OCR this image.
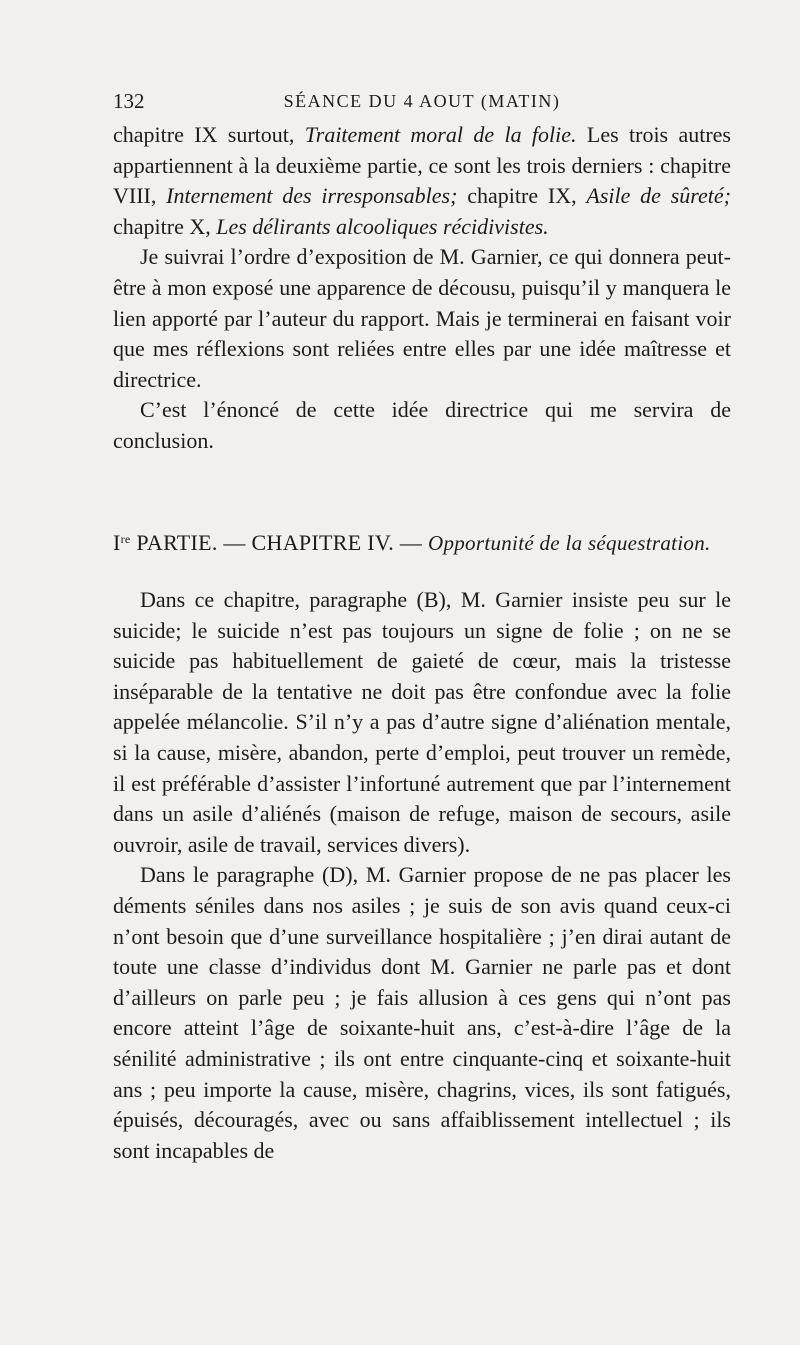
132	SÉANCE DU 4 AOUT (MATIN)

chapitre IX surtout, Traitement moral de la folie. Les trois autres appartiennent à la deuxième partie, ce sont les trois derniers : chapitre VIII, Internement des irresponsables; chapitre IX, Asile de sûreté; chapitre X, Les délirants alcooliques récidivistes.

Je suivrai l’ordre d’exposition de M. Garnier, ce qui donnera peut-être à mon exposé une apparence de décousu, puisqu’il y manquera le lien apporté par l’auteur du rapport. Mais je terminerai en faisant voir que mes réflexions sont reliées entre elles par une idée maîtresse et directrice.

C’est l’énoncé de cette idée directrice qui me servira de conclusion.

Ire PARTIE. — CHAPITRE IV. — Opportunité de la séquestration.

Dans ce chapitre, paragraphe (B), M. Garnier insiste peu sur le suicide; le suicide n’est pas toujours un signe de folie ; on ne se suicide pas habituellement de gaieté de cœur, mais la tristesse inséparable de la tentative ne doit pas être confondue avec la folie appelée mélancolie. S’il n’y a pas d’autre signe d’aliénation mentale, si la cause, misère, abandon, perte d’emploi, peut trouver un remède, il est préférable d’assister l’infortuné autrement que par l’internement dans un asile d’aliénés (maison de refuge, maison de secours, asile ouvroir, asile de travail, services divers).

Dans le paragraphe (D), M. Garnier propose de ne pas placer les déments séniles dans nos asiles ; je suis de son avis quand ceux-ci n’ont besoin que d’une surveillance hospitalière ; j’en dirai autant de toute une classe d’individus dont M. Garnier ne parle pas et dont d’ailleurs on parle peu ; je fais allusion à ces gens qui n’ont pas encore atteint l’âge de soixante-huit ans, c’est-à-dire l’âge de la sénilité administrative ; ils ont entre cinquante-cinq et soixante-huit ans ; peu importe la cause, misère, chagrins, vices, ils sont fatigués, épuisés, découragés, avec ou sans affaiblissement intellectuel ; ils sont incapables de
